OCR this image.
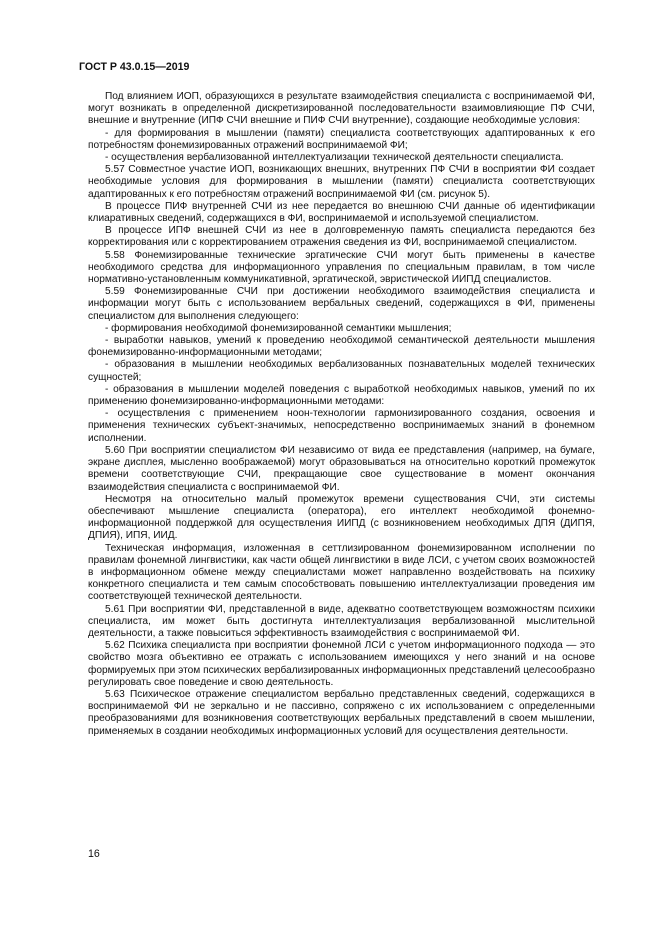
ГОСТ Р 43.0.15—2019

Под влиянием ИОП, образующихся в результате взаимодействия специалиста с воспринимаемой ФИ, могут возникать в определенной дискретизированной последовательности взаимовлияющие ПФ СЧИ, внешние и внутренние (ИПФ СЧИ внешние и ПИФ СЧИ внутренние), создающие необходимые условия:

- для формирования в мышлении (памяти) специалиста соответствующих адаптированных к его потребностям фонемизированных отражений воспринимаемой ФИ;

- осуществления вербализованной интеллектуализации технической деятельности специалиста.

5.57 Совместное участие ИОП, возникающих внешних, внутренних ПФ СЧИ в восприятии ФИ создает необходимые условия для формирования в мышлении (памяти) специалиста соответствующих адаптированных к его потребностям отражений воспринимаемой ФИ (см. рисунок 5).

В процессе ПИФ внутренней СЧИ из нее передается во внешнюю СЧИ данные об идентификации клиаративных сведений, содержащихся в ФИ, воспринимаемой и используемой специалистом.

В процессе ИПФ внешней СЧИ из нее в долговременную память специалиста передаются без корректирования или с корректированием отражения сведения из ФИ, воспринимаемой специалистом.

5.58 Фонемизированные технические эргатические СЧИ могут быть применены в качестве необходимого средства для информационного управления по специальным правилам, в том числе нормативно-установленным коммуникативной, эргатической, эвристической ИИПД специалистов.

5.59 Фонемизированные СЧИ при достижении необходимого взаимодействия специалиста и информации могут быть с использованием вербальных сведений, содержащихся в ФИ, применены специалистом для выполнения следующего:

- формирования необходимой фонемизированной семантики мышления;

- выработки навыков, умений к проведению необходимой семантической деятельности мышления фонемизированно-информационными методами;

- образования в мышлении необходимых вербализованных познавательных моделей технических сущностей;

- образования в мышлении моделей поведения с выработкой необходимых навыков, умений по их применению фонемизированно-информационными методами:

- осуществления с применением ноон-технологии гармонизированного создания, освоения и применения технических субъект-значимых, непосредственно воспринимаемых знаний в фонемном исполнении.

5.60 При восприятии специалистом ФИ независимо от вида ее представления (например, на бумаге, экране дисплея, мысленно воображаемой) могут образовываться на относительно короткий промежуток времени соответствующие СЧИ, прекращающие свое существование в момент окончания взаимодействия специалиста с воспринимаемой ФИ.

Несмотря на относительно малый промежуток времени существования СЧИ, эти системы обеспечивают мышление специалиста (оператора), его интеллект необходимой фонемно-информационной поддержкой для осуществления ИИПД (с возникновением необходимых ДПЯ (ДИПЯ, ДПИЯ), ИПЯ, ИИД.

Техническая информация, изложенная в сеттлизированном фонемизированном исполнении по правилам фонемной лингвистики, как части общей лингвистики в виде ЛСИ, с учетом своих возможностей в информационном обмене между специалистами может направленно воздействовать на психику конкретного специалиста и тем самым способствовать повышению интеллектуализации проведения им соответствующей технической деятельности.

5.61 При восприятии ФИ, представленной в виде, адекватно соответствующем возможностям психики специалиста, им может быть достигнута интеллектуализация вербализованной мыслительной деятельности, а также повыситься эффективность взаимодействия с воспринимаемой ФИ.

5.62 Психика специалиста при восприятии фонемной ЛСИ с учетом информационного подхода — это свойство мозга объективно ее отражать с использованием имеющихся у него знаний и на основе формируемых при этом психических вербализированных информационных представлений целесообразно регулировать свое поведение и свою деятельность.

5.63 Психическое отражение специалистом вербально представленных сведений, содержащихся в воспринимаемой ФИ не зеркально и не пассивно, сопряжено с их использованием с определенными преобразованиями для возникновения соответствующих вербальных представлений в своем мышлении, применяемых в создании необходимых информационных условий для осуществления деятельности.

16
